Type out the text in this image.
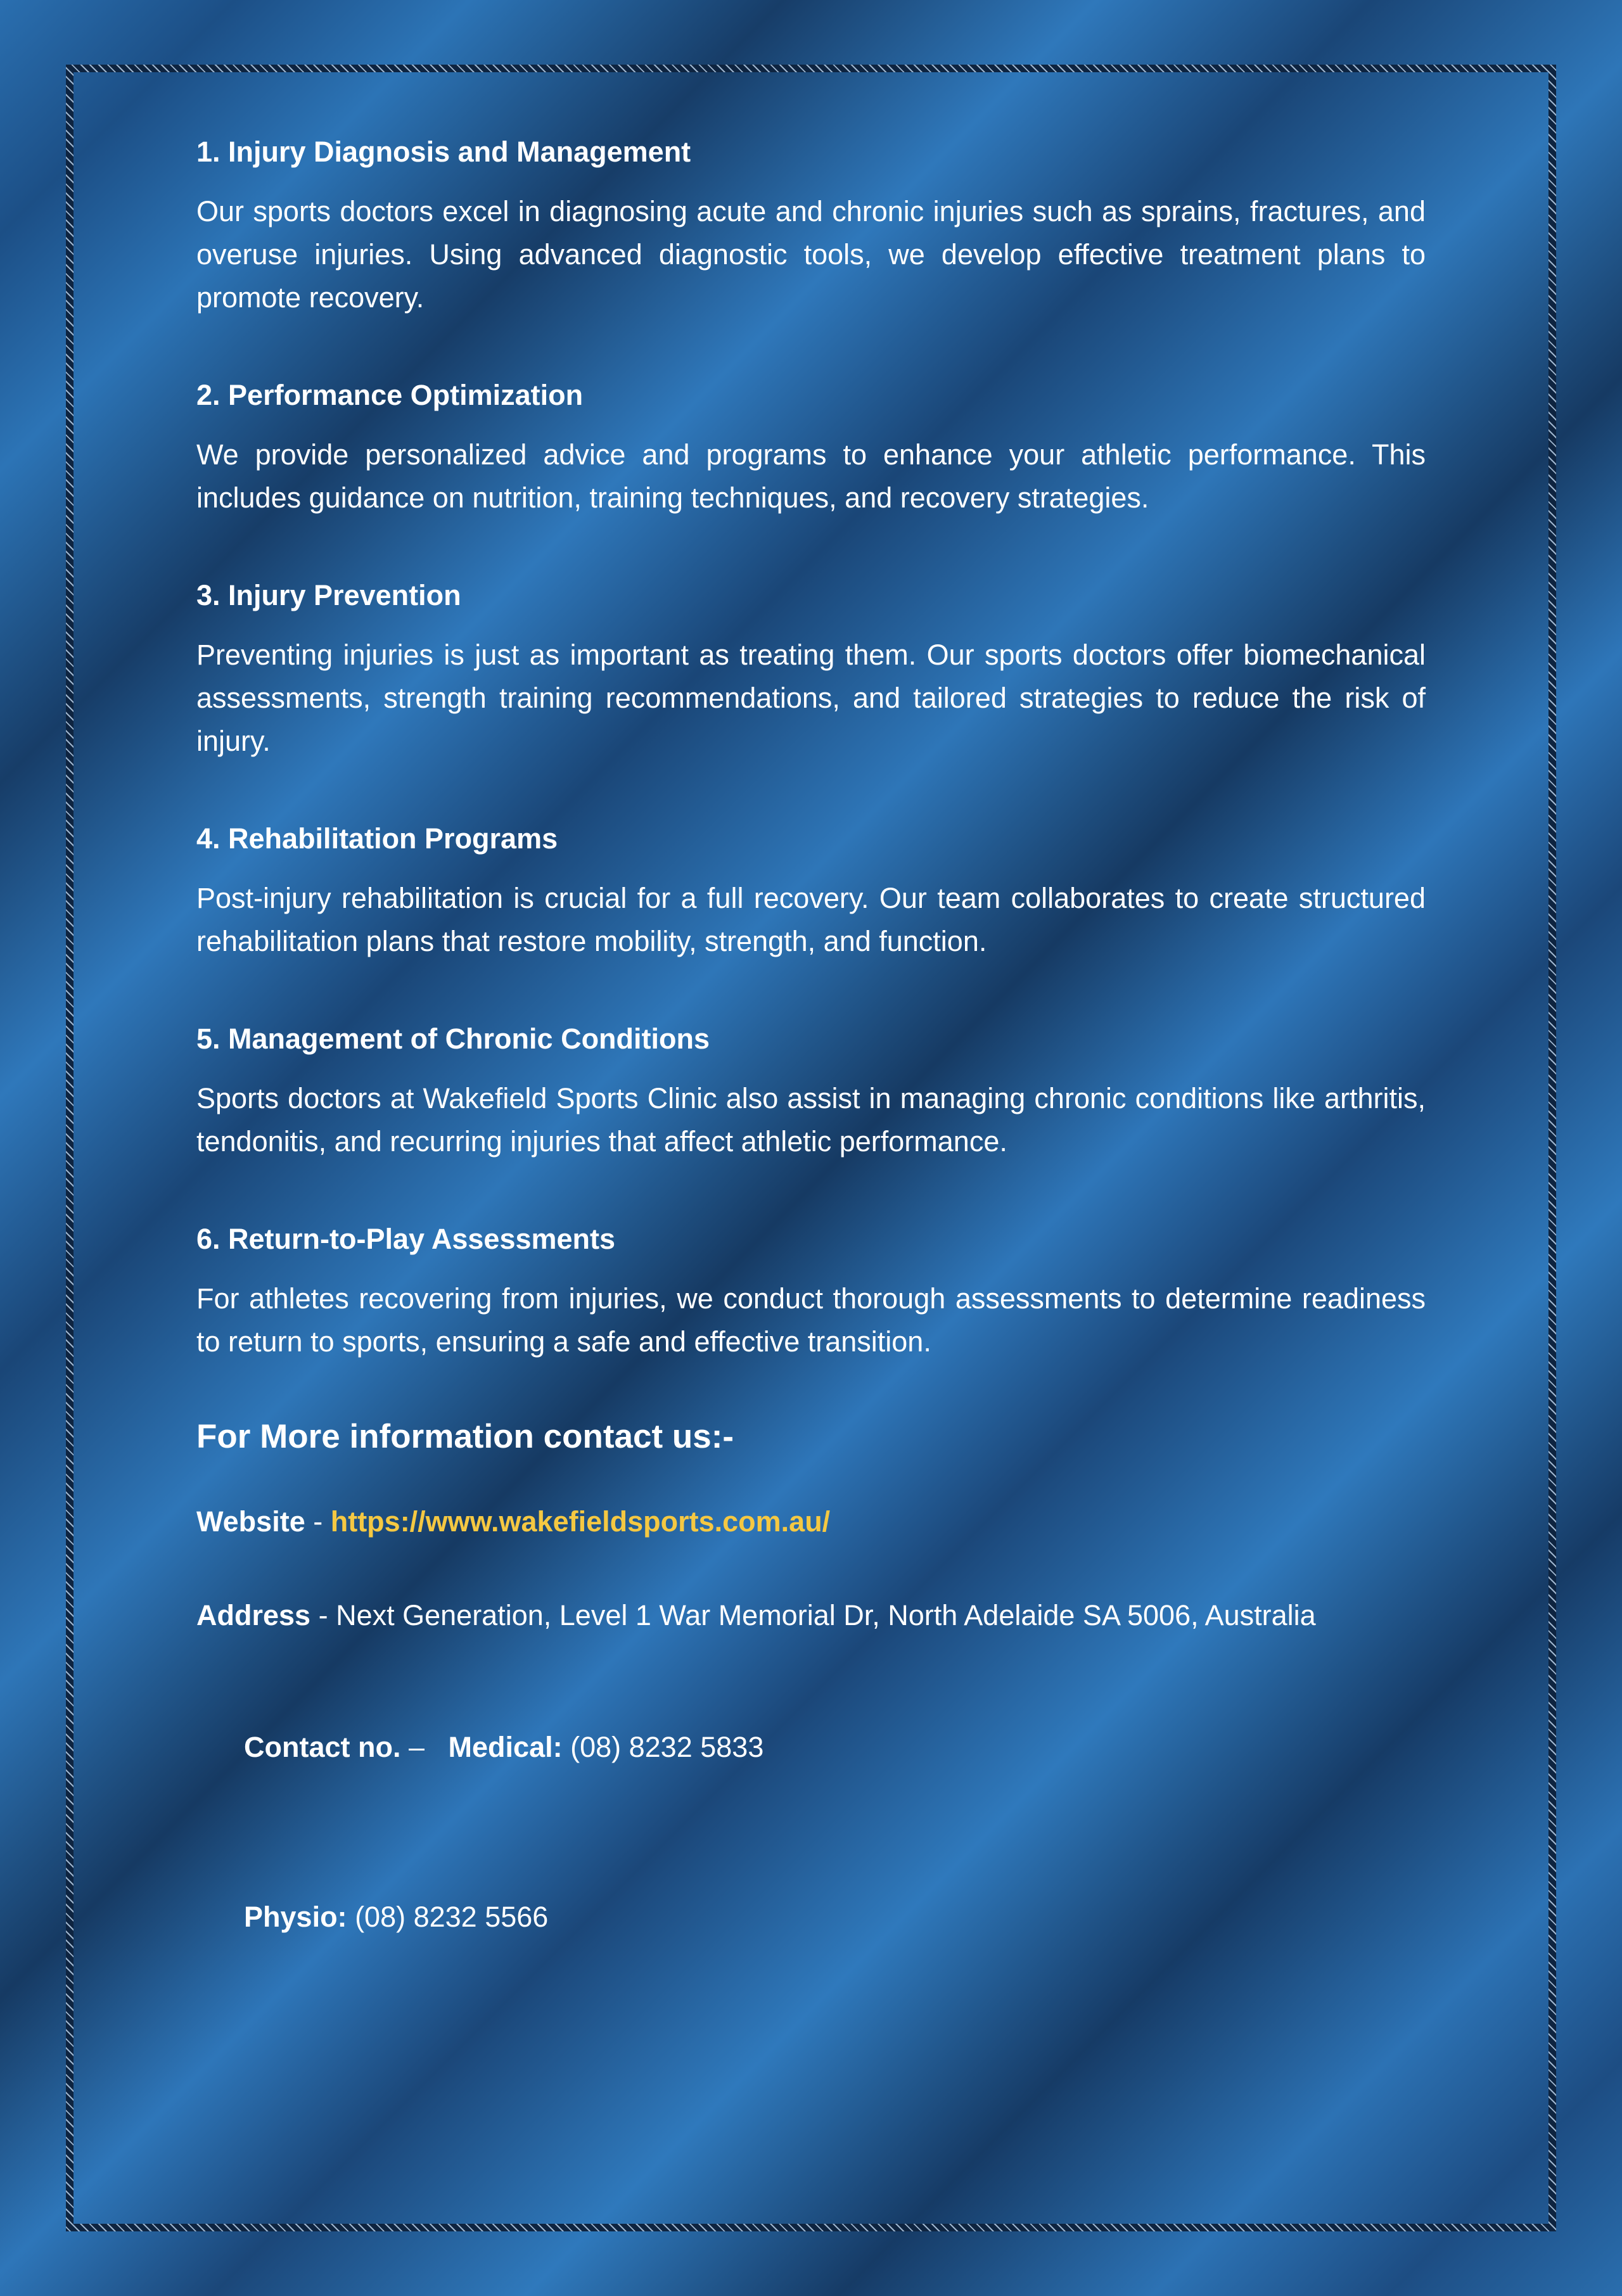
1. Injury Diagnosis and Management
Our sports doctors excel in diagnosing acute and chronic injuries such as sprains, fractures, and overuse injuries. Using advanced diagnostic tools, we develop effective treatment plans to promote recovery.
2. Performance Optimization
We provide personalized advice and programs to enhance your athletic performance. This includes guidance on nutrition, training techniques, and recovery strategies.
3. Injury Prevention
Preventing injuries is just as important as treating them. Our sports doctors offer biomechanical assessments, strength training recommendations, and tailored strategies to reduce the risk of injury.
4. Rehabilitation Programs
Post-injury rehabilitation is crucial for a full recovery. Our team collaborates to create structured rehabilitation plans that restore mobility, strength, and function.
5. Management of Chronic Conditions
Sports doctors at Wakefield Sports Clinic also assist in managing chronic conditions like arthritis, tendonitis, and recurring injuries that affect athletic performance.
6. Return-to-Play Assessments
For athletes recovering from injuries, we conduct thorough assessments to determine readiness to return to sports, ensuring a safe and effective transition.
For More information contact us:-
Website - https://www.wakefieldsports.com.au/
Address - Next Generation, Level 1 War Memorial Dr, North Adelaide SA 5006, Australia

Contact no. –   Medical: (08) 8232 5833

Physio: (08) 8232 5566
